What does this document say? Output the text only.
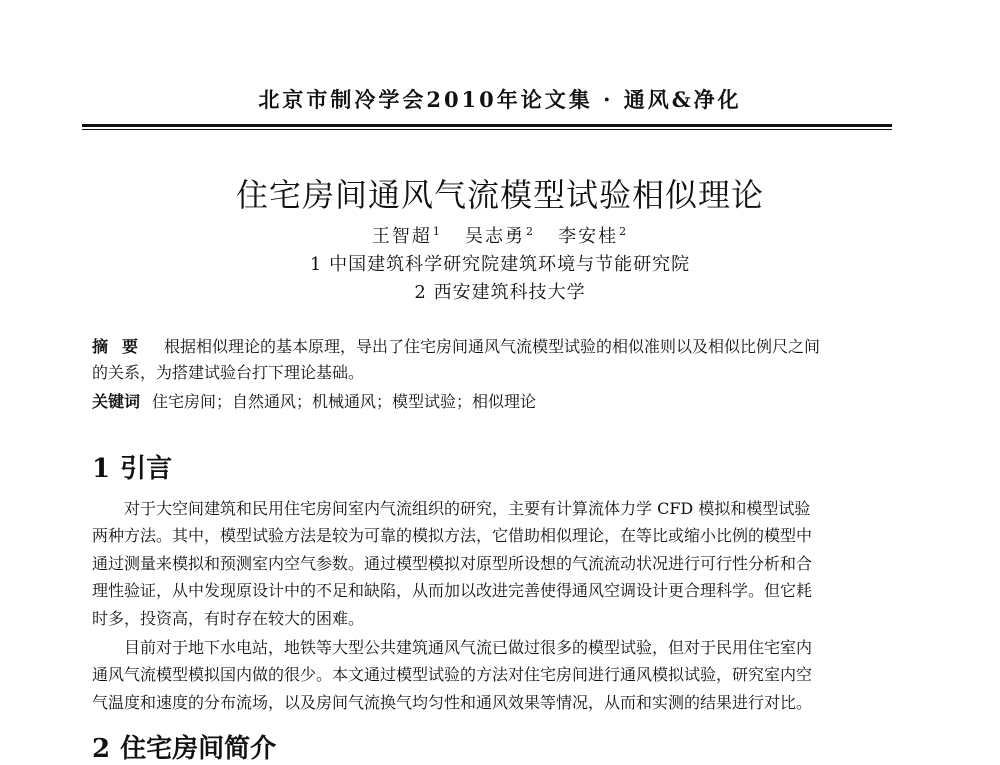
北京市制冷学会2010年论文集 · 通风&净化
住宅房间通风气流模型试验相似理论
王智超$^1$ 吴志勇$^2$ 李安桂$^2$
1 中国建筑科学研究院建筑环境与节能研究院
2 西安建筑科技大学
摘要 根据相似理论的基本原理，导出了住宅房间通风气流模型试验的相似准则以及相似比例尺之间
的关系，为搭建试验台打下理论基础。
关键词 住宅房间；自然通风；机械通风；模型试验；相似理论
1 引言
对于大空间建筑和民用住宅房间室内气流组织的研究，主要有计算流体力学 CFD 模拟和模型试验
两种方法。其中，模型试验方法是较为可靠的模拟方法，它借助相似理论，在等比或缩小比例的模型中
通过测量来模拟和预测室内空气参数。通过模型模拟对原型所设想的气流流动状况进行可行性分析和合
理性验证，从中发现原设计中的不足和缺陷，从而加以改进完善使得通风空调设计更合理科学。但它耗
时多，投资高，有时存在较大的困难。
目前对于地下水电站，地铁等大型公共建筑通风气流已做过很多的模型试验，但对于民用住宅室内
通风气流模型模拟国内做的很少。本文通过模型试验的方法对住宅房间进行通风模拟试验，研究室内空
气温度和速度的分布流场，以及房间气流换气均匀性和通风效果等情况，从而和实测的结果进行对比。
2 住宅房间简介
